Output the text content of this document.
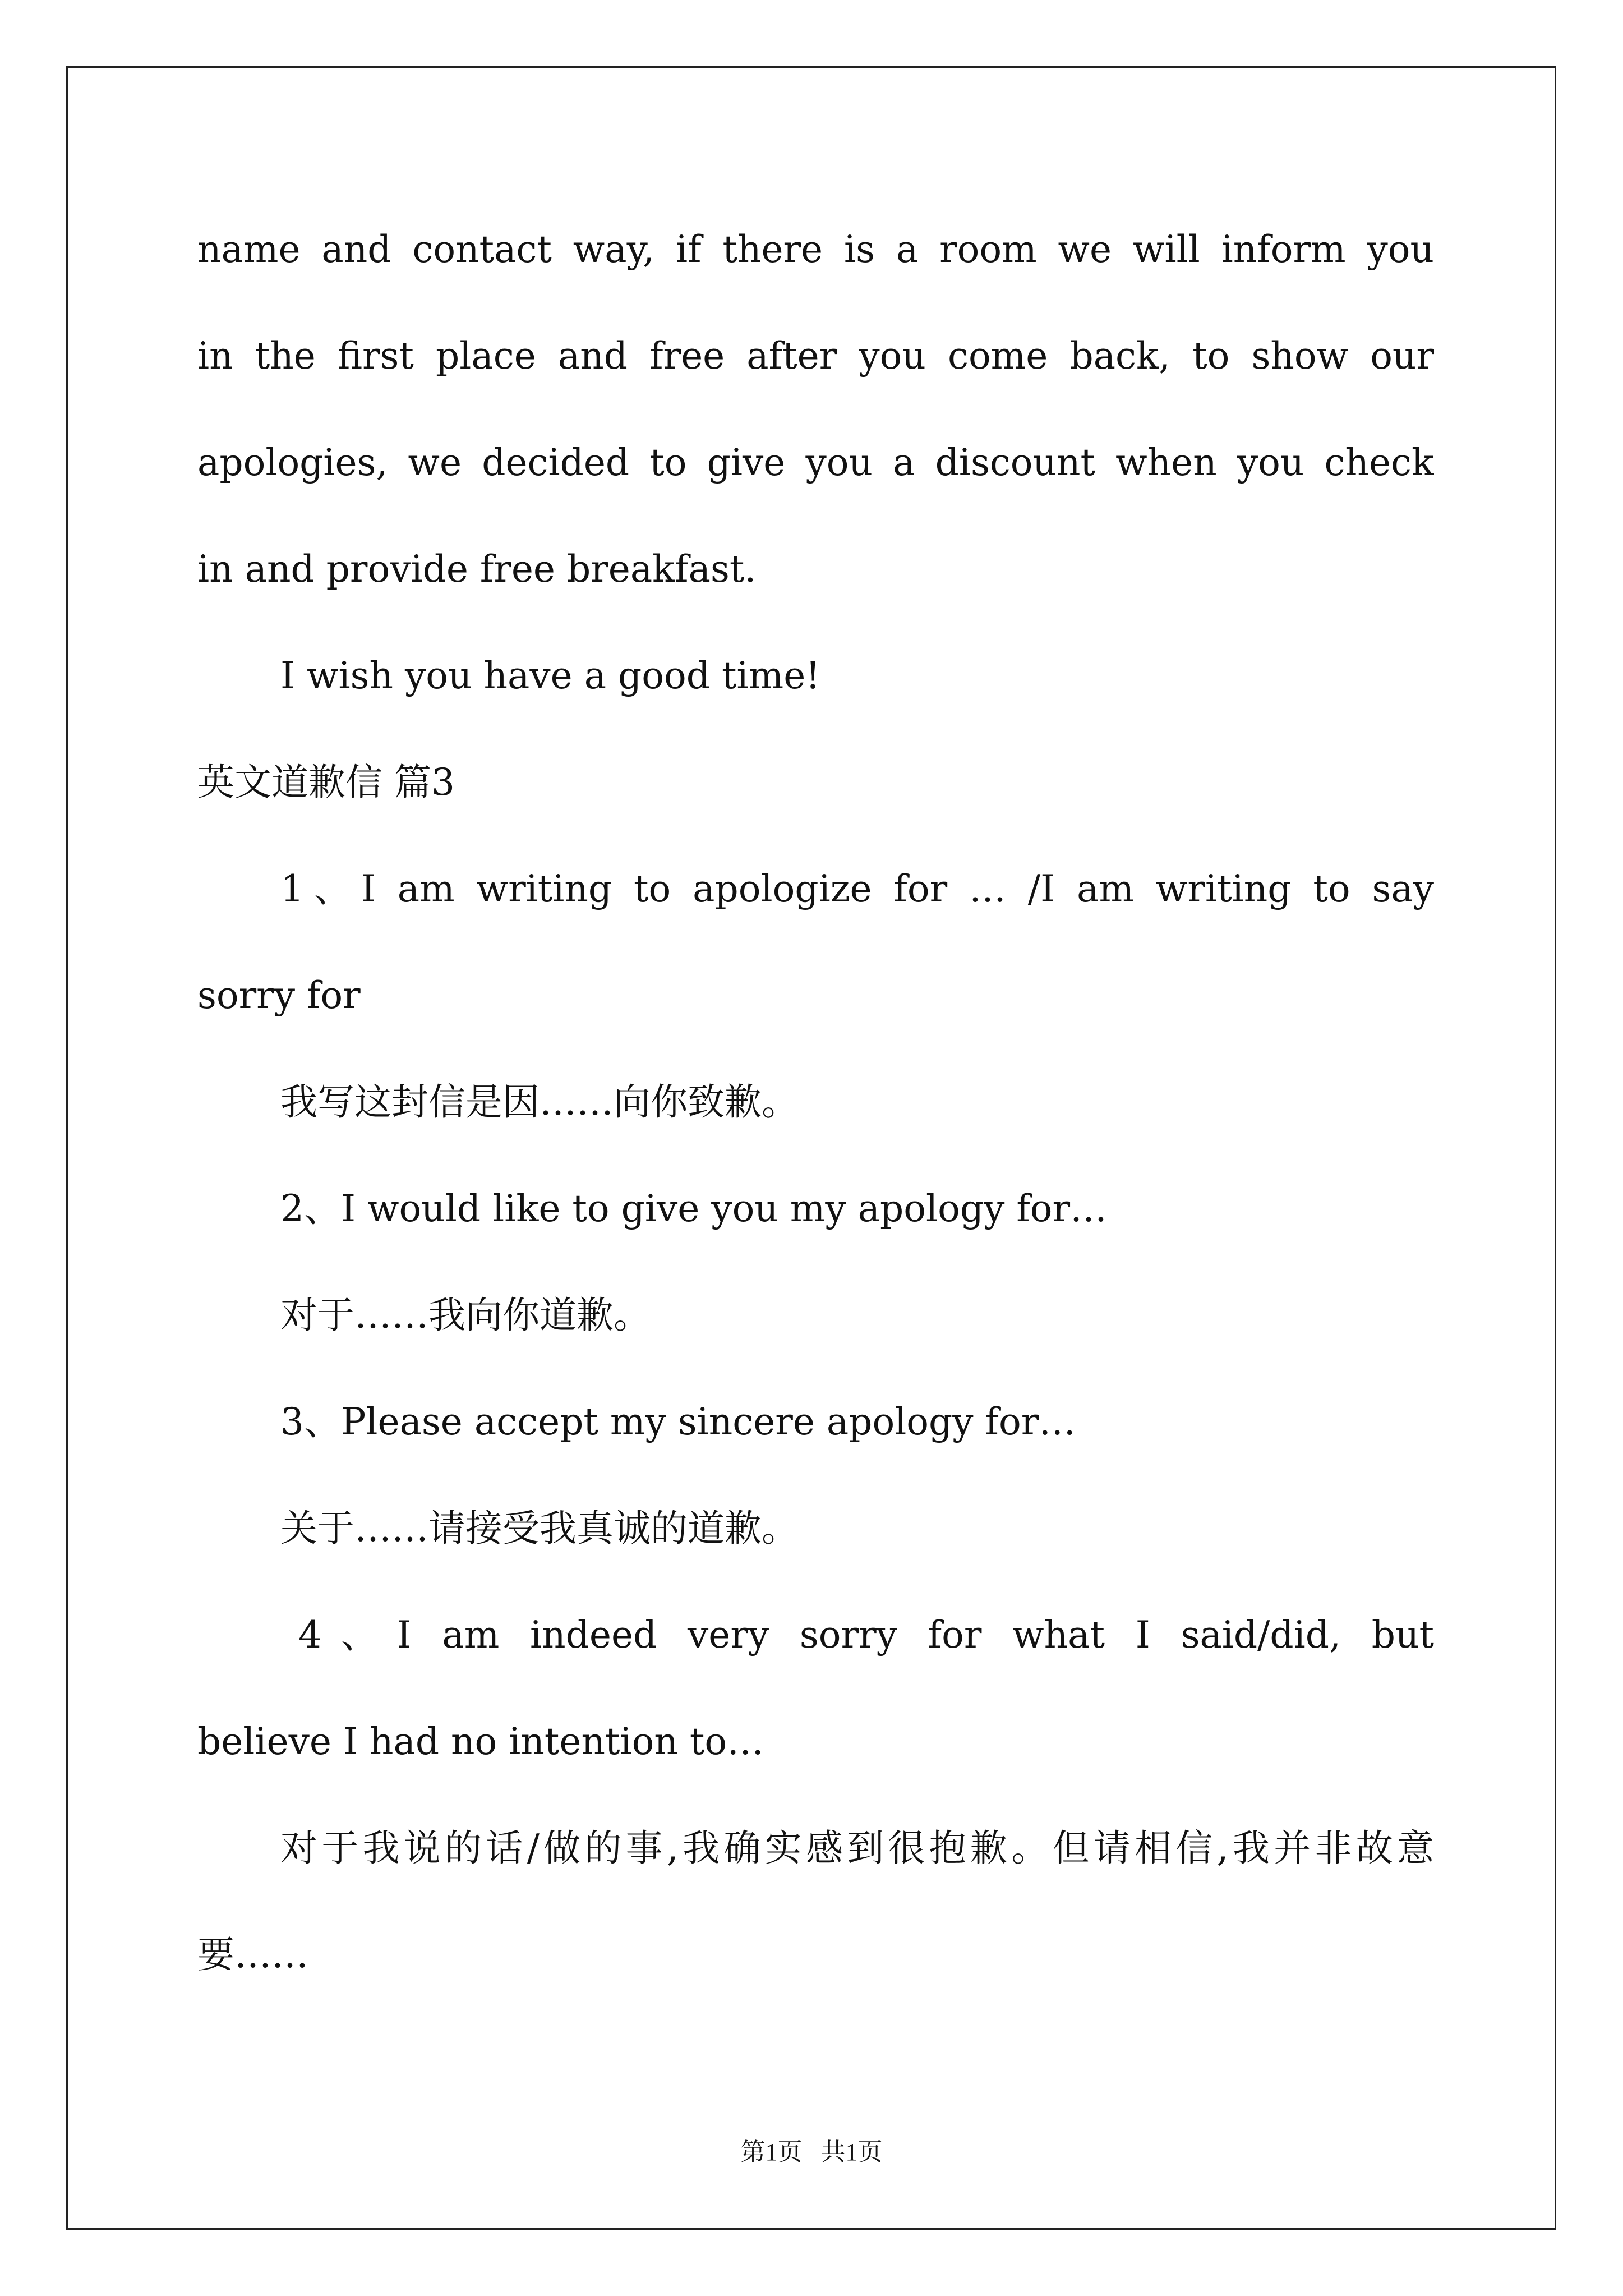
name and contact way, if there is a room we will inform you
in the first place and free after you come back, to show our
apologies, we decided to give you a discount when you check
in and provide free breakfast.
I wish you have a good time!
英文道歉信 篇3
1、I am writing to apologize for … /I am writing to say
sorry for
我写这封信是因……向你致歉。
2、I would like to give you my apology for…
对于……我向你道歉。
3、Please accept my sincere apology for…
关于……请接受我真诚的道歉。
4、I am indeed very sorry for what I said/did, but
believe I had no intention to…
对于我说的话/做的事,我确实感到很抱歉。但请相信,我并非故意
要……
第1页   共1页
